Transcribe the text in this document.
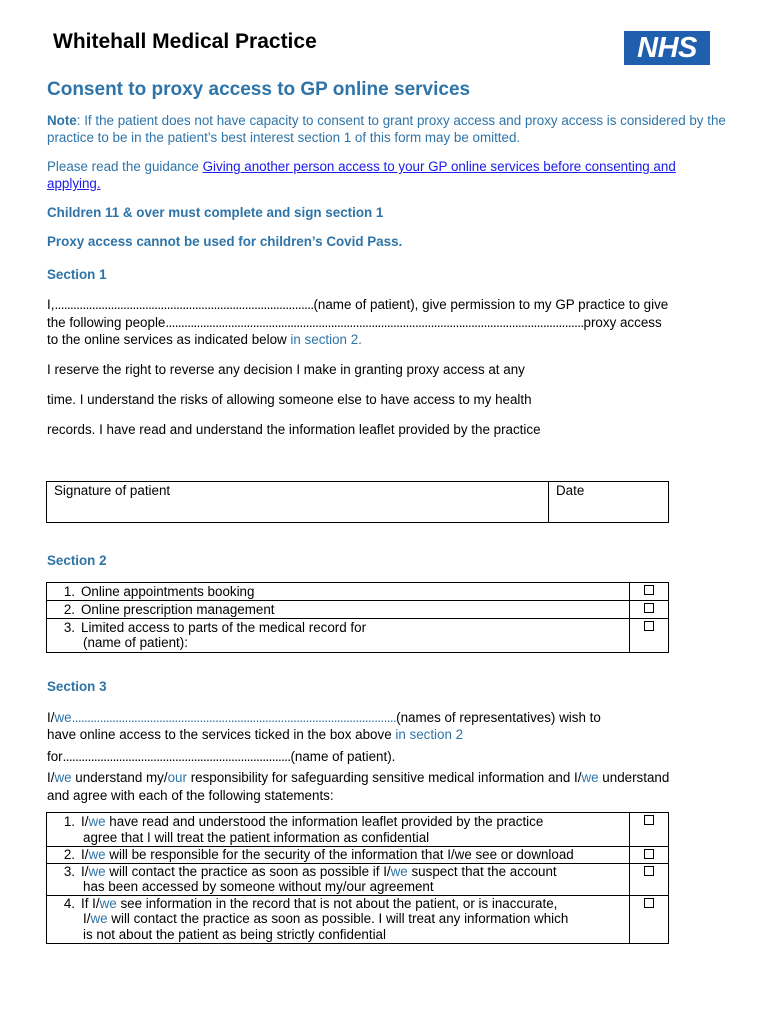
Whitehall Medical Practice	NHS
Consent to proxy access to GP online services
Note: If the patient does not have capacity to consent to grant proxy access and proxy access is considered by the practice to be in the patient’s best interest section 1 of this form may be omitted.
Please read the guidance Giving another person access to your GP online services before consenting and applying.
Children 11 & over must complete and sign section 1
Proxy access cannot be used for children’s Covid Pass.
Section 1
I,...................................................................................(name of patient), give permission to my GP practice to give
the following people......................................................................................................................................proxy access
to the online services as indicated below in section 2.
I reserve the right to reverse any decision I make in granting proxy access at any
time. I understand the risks of allowing someone else to have access to my health
records. I have read and understand the information leaflet provided by the practice
Signature of patient	Date
Section 2
1. Online appointments booking	
2. Online prescription management	
3. Limited access to parts of the medical record for
(name of patient):	

Section 3
I/we........................................................................................................(names of representatives) wish to
have online access to the services ticked in the box above in section 2
for.........................................................................(name of patient).
I/we understand my/our responsibility for safeguarding sensitive medical information and I/we understand
and agree with each of the following statements:
1. I/we have read and understood the information leaflet provided by the practice
agree that I will treat the patient information as confidential	

2. I/we will be responsible for the security of the information that I/we see or download	
3. I/we will contact the practice as soon as possible if I/we suspect that the account
has been accessed by someone without my/our agreement	

4. If I/we see information in the record that is not about the patient, or is inaccurate,
I/we will contact the practice as soon as possible. I will treat any information which
is not about the patient as being strictly confidential	
